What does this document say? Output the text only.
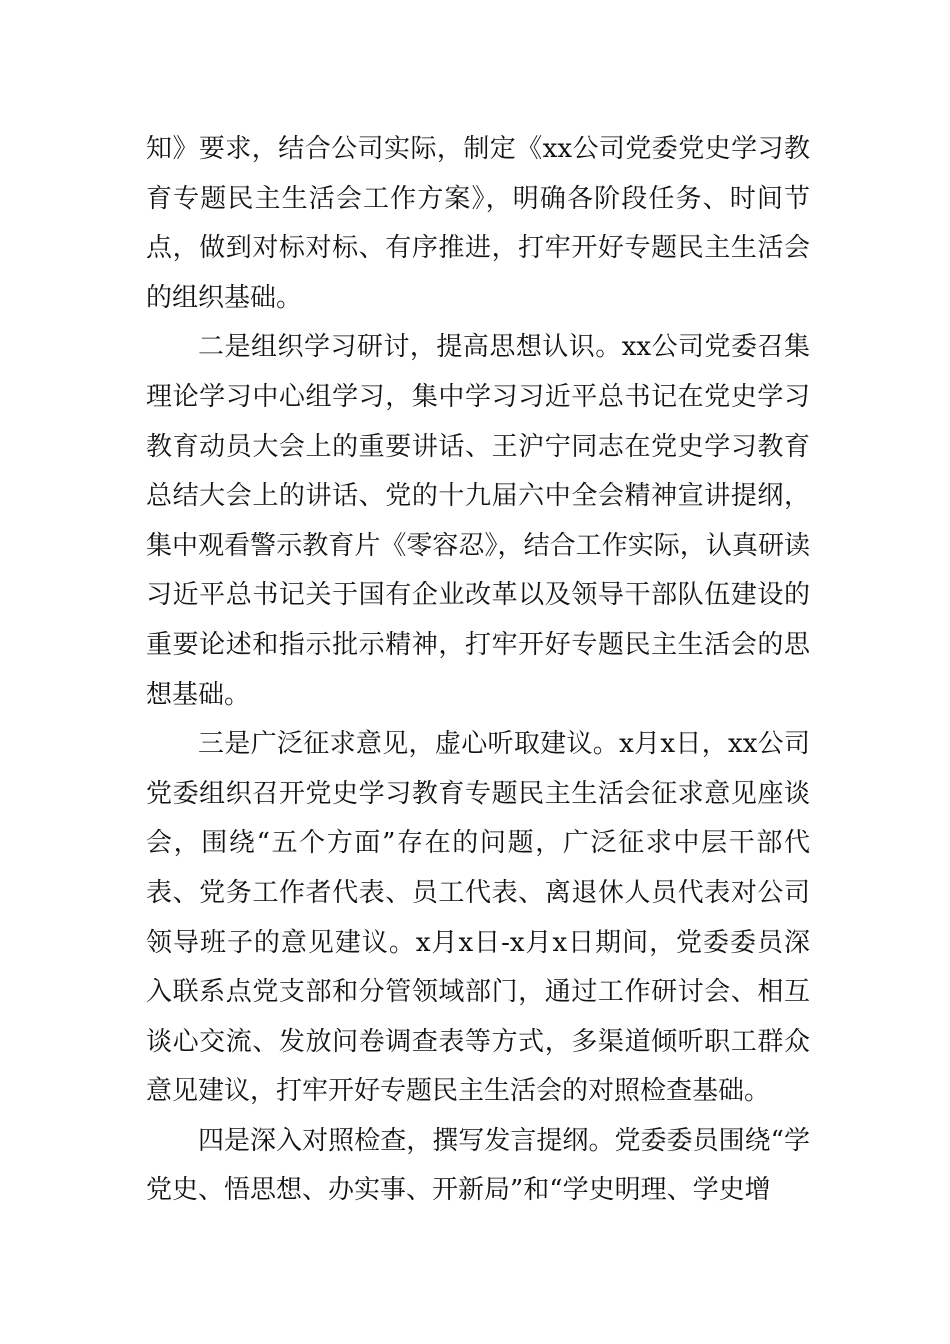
知》要求，结合公司实际，制定《xx公司党委党史学习教育专题民主生活会工作方案》，明确各阶段任务、时间节点，做到对标对标、有序推进，打牢开好专题民主生活会的组织基础。

二是组织学习研讨，提高思想认识。xx公司党委召集理论学习中心组学习，集中学习习近平总书记在党史学习教育动员大会上的重要讲话、王沪宁同志在党史学习教育总结大会上的讲话、党的十九届六中全会精神宣讲提纲，集中观看警示教育片《零容忍》，结合工作实际，认真研读习近平总书记关于国有企业改革以及领导干部队伍建设的重要论述和指示批示精神，打牢开好专题民主生活会的思想基础。

三是广泛征求意见，虚心听取建议。x月x日，xx公司党委组织召开党史学习教育专题民主生活会征求意见座谈会，围绕“五个方面”存在的问题，广泛征求中层干部代表、党务工作者代表、员工代表、离退休人员代表对公司领导班子的意见建议。x月x日-x月x日期间，党委委员深入联系点党支部和分管领域部门，通过工作研讨会、相互谈心交流、发放问卷调查表等方式，多渠道倾听职工群众意见建议，打牢开好专题民主生活会的对照检查基础。

四是深入对照检查，撰写发言提纲。党委委员围绕“学党史、悟思想、办实事、开新局”和“学史明理、学史增
